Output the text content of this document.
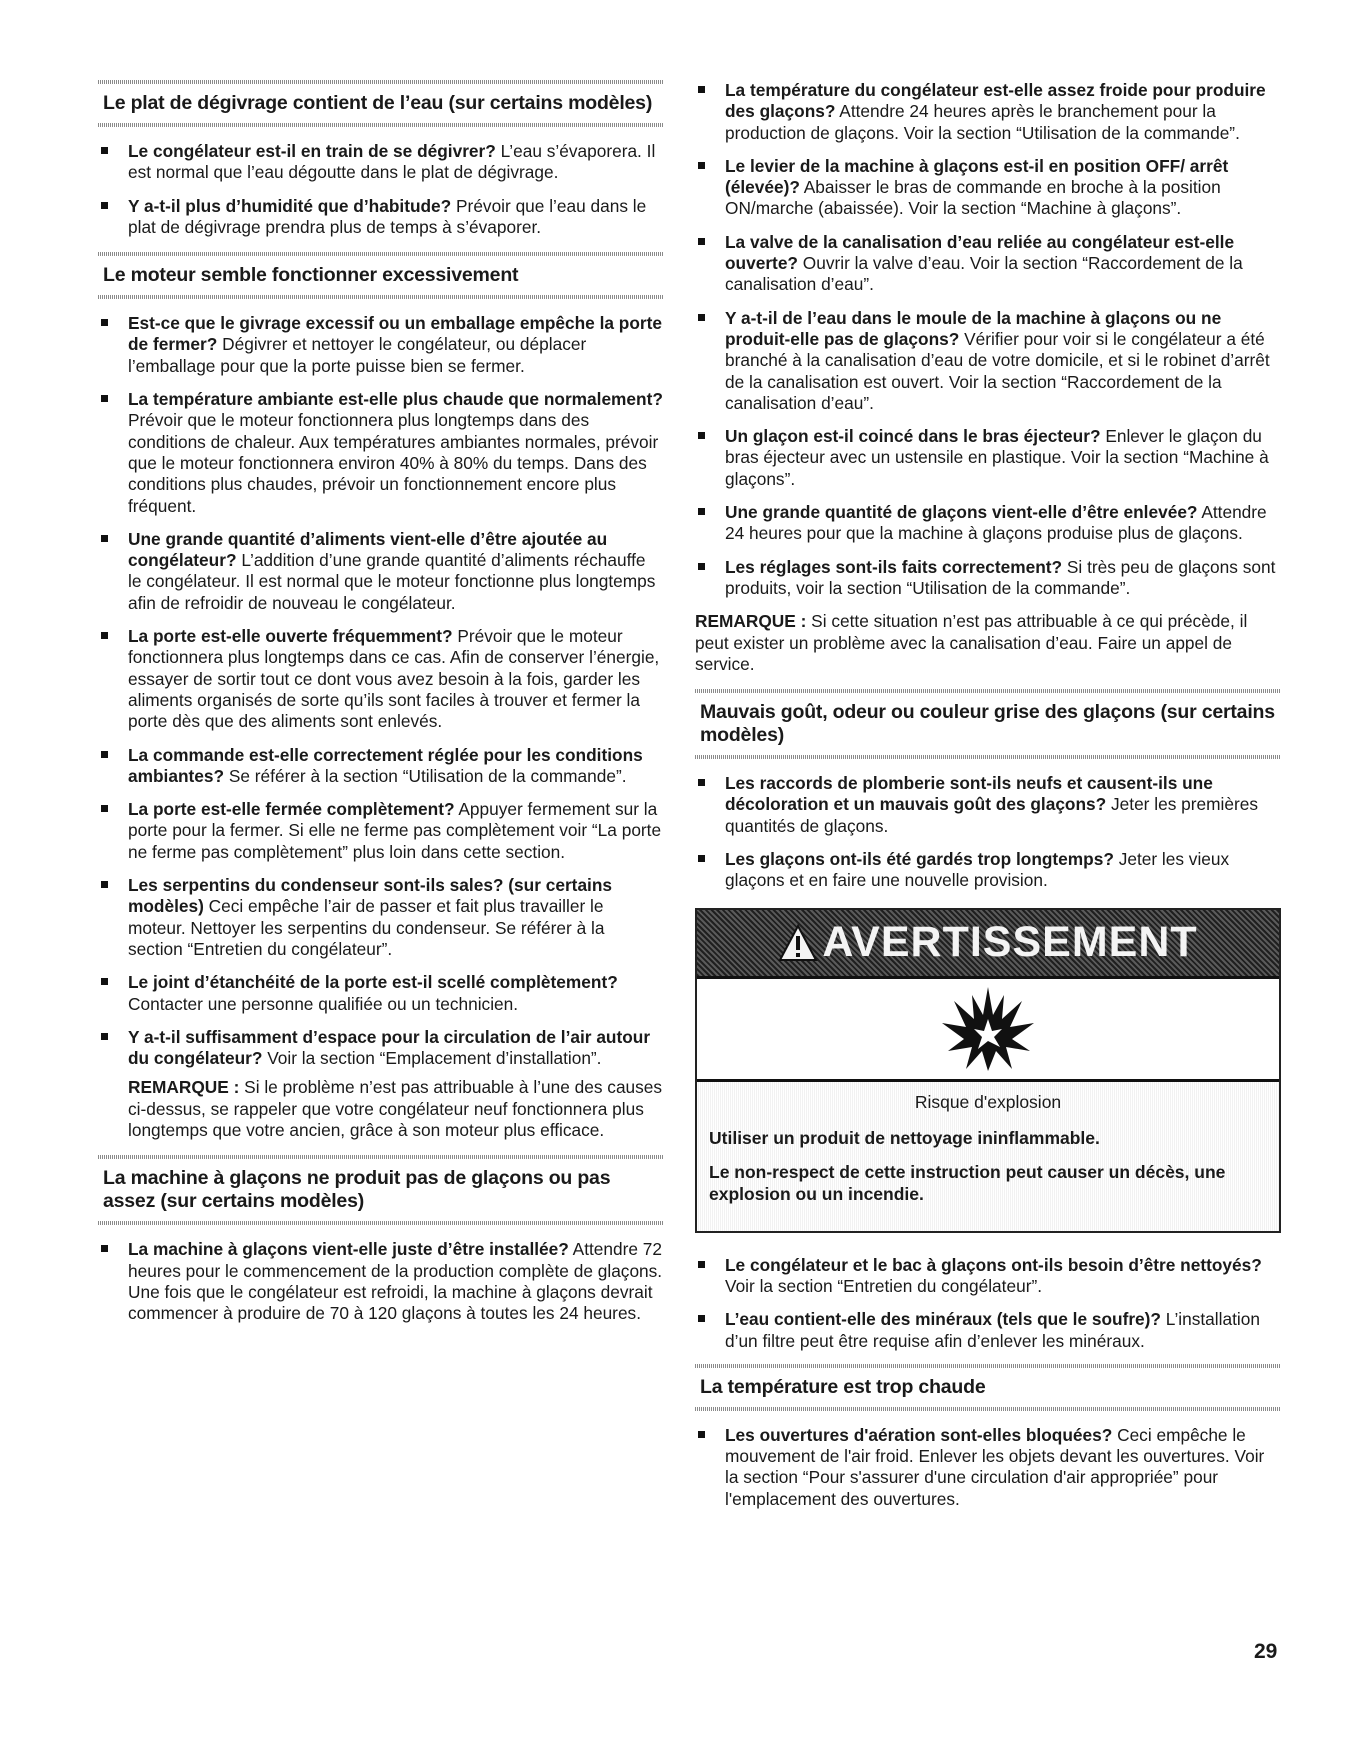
Le plat de dégivrage contient de l’eau (sur certains modèles)
Le congélateur est-il en train de se dégivrer? L’eau s’évaporera. Il est normal que l’eau dégoutte dans le plat de dégivrage.
Y a-t-il plus d’humidité que d’habitude? Prévoir que l’eau dans le plat de dégivrage prendra plus de temps à s’évaporer.
Le moteur semble fonctionner excessivement
Est-ce que le givrage excessif ou un emballage empêche la porte de fermer? Dégivrer et nettoyer le congélateur, ou déplacer l’emballage pour que la porte puisse bien se fermer.
La température ambiante est-elle plus chaude que normalement? Prévoir que le moteur fonctionnera plus longtemps dans des conditions de chaleur. Aux températures ambiantes normales, prévoir que le moteur fonctionnera environ 40% à 80% du temps. Dans des conditions plus chaudes, prévoir un fonctionnement encore plus fréquent.
Une grande quantité d’aliments vient-elle d’être ajoutée au congélateur? L’addition d’une grande quantité d’aliments réchauffe le congélateur. Il est normal que le moteur fonctionne plus longtemps afin de refroidir de nouveau le congélateur.
La porte est-elle ouverte fréquemment? Prévoir que le moteur fonctionnera plus longtemps dans ce cas. Afin de conserver l’énergie, essayer de sortir tout ce dont vous avez besoin à la fois, garder les aliments organisés de sorte qu’ils sont faciles à trouver et fermer la porte dès que des aliments sont enlevés.
La commande est-elle correctement réglée pour les conditions ambiantes? Se référer à la section “Utilisation de la commande”.
La porte est-elle fermée complètement? Appuyer fermement sur la porte pour la fermer. Si elle ne ferme pas complètement voir “La porte ne ferme pas complètement” plus loin dans cette section.
Les serpentins du condenseur sont-ils sales? (sur certains modèles) Ceci empêche l’air de passer et fait plus travailler le moteur. Nettoyer les serpentins du condenseur. Se référer à la section “Entretien du congélateur”.
Le joint d’étanchéité de la porte est-il scellé complètement? Contacter une personne qualifiée ou un technicien.
Y a-t-il suffisamment d’espace pour la circulation de l’air autour du congélateur? Voir la section “Emplacement d’installation”.

REMARQUE : Si le problème n’est pas attribuable à l’une des causes ci-dessus, se rappeler que votre congélateur neuf fonctionnera plus longtemps que votre ancien, grâce à son moteur plus efficace.

La machine à glaçons ne produit pas de glaçons ou pas assez (sur certains modèles)
La machine à glaçons vient-elle juste d’être installée? Attendre 72 heures pour le commencement de la production complète de glaçons. Une fois que le congélateur est refroidi, la machine à glaçons devrait commencer à produire de 70 à 120 glaçons à toutes les 24 heures.
La température du congélateur est-elle assez froide pour produire des glaçons? Attendre 24 heures après le branchement pour la production de glaçons. Voir la section “Utilisation de la commande”.
Le levier de la machine à glaçons est-il en position OFF/ arrêt (élevée)? Abaisser le bras de commande en broche à la position ON/marche (abaissée). Voir la section “Machine à glaçons”.
La valve de la canalisation d’eau reliée au congélateur est-elle ouverte? Ouvrir la valve d’eau. Voir la section “Raccordement de la canalisation d’eau”.
Y a-t-il de l’eau dans le moule de la machine à glaçons ou ne produit-elle pas de glaçons? Vérifier pour voir si le congélateur a été branché à la canalisation d’eau de votre domicile, et si le robinet d’arrêt de la canalisation est ouvert. Voir la section “Raccordement de la canalisation d’eau”.
Un glaçon est-il coincé dans le bras éjecteur? Enlever le glaçon du bras éjecteur avec un ustensile en plastique. Voir la section “Machine à glaçons”.
Une grande quantité de glaçons vient-elle d’être enlevée? Attendre 24 heures pour que la machine à glaçons produise plus de glaçons.
Les réglages sont-ils faits correctement? Si très peu de glaçons sont produits, voir la section “Utilisation de la commande”.

REMARQUE : Si cette situation n’est pas attribuable à ce qui précède, il peut exister un problème avec la canalisation d’eau. Faire un appel de service.

Mauvais goût, odeur ou couleur grise des glaçons (sur certains modèles)
Les raccords de plomberie sont-ils neufs et causent-ils une décoloration et un mauvais goût des glaçons? Jeter les premières quantités de glaçons.
Les glaçons ont-ils été gardés trop longtemps? Jeter les vieux glaçons et en faire une nouvelle provision.
AVERTISSEMENT
Risque d'explosion
Utiliser un produit de nettoyage ininflammable.
Le non-respect de cette instruction peut causer un décès, une explosion ou un incendie.
Le congélateur et le bac à glaçons ont-ils besoin d’être nettoyés? Voir la section “Entretien du congélateur”.
L’eau contient-elle des minéraux (tels que le soufre)? L’installation d’un filtre peut être requise afin d’enlever les minéraux.
La température est trop chaude
Les ouvertures d'aération sont-elles bloquées? Ceci empêche le mouvement de l'air froid. Enlever les objets devant les ouvertures. Voir la section “Pour s'assurer d'une circulation d'air appropriée” pour l'emplacement des ouvertures.
29
